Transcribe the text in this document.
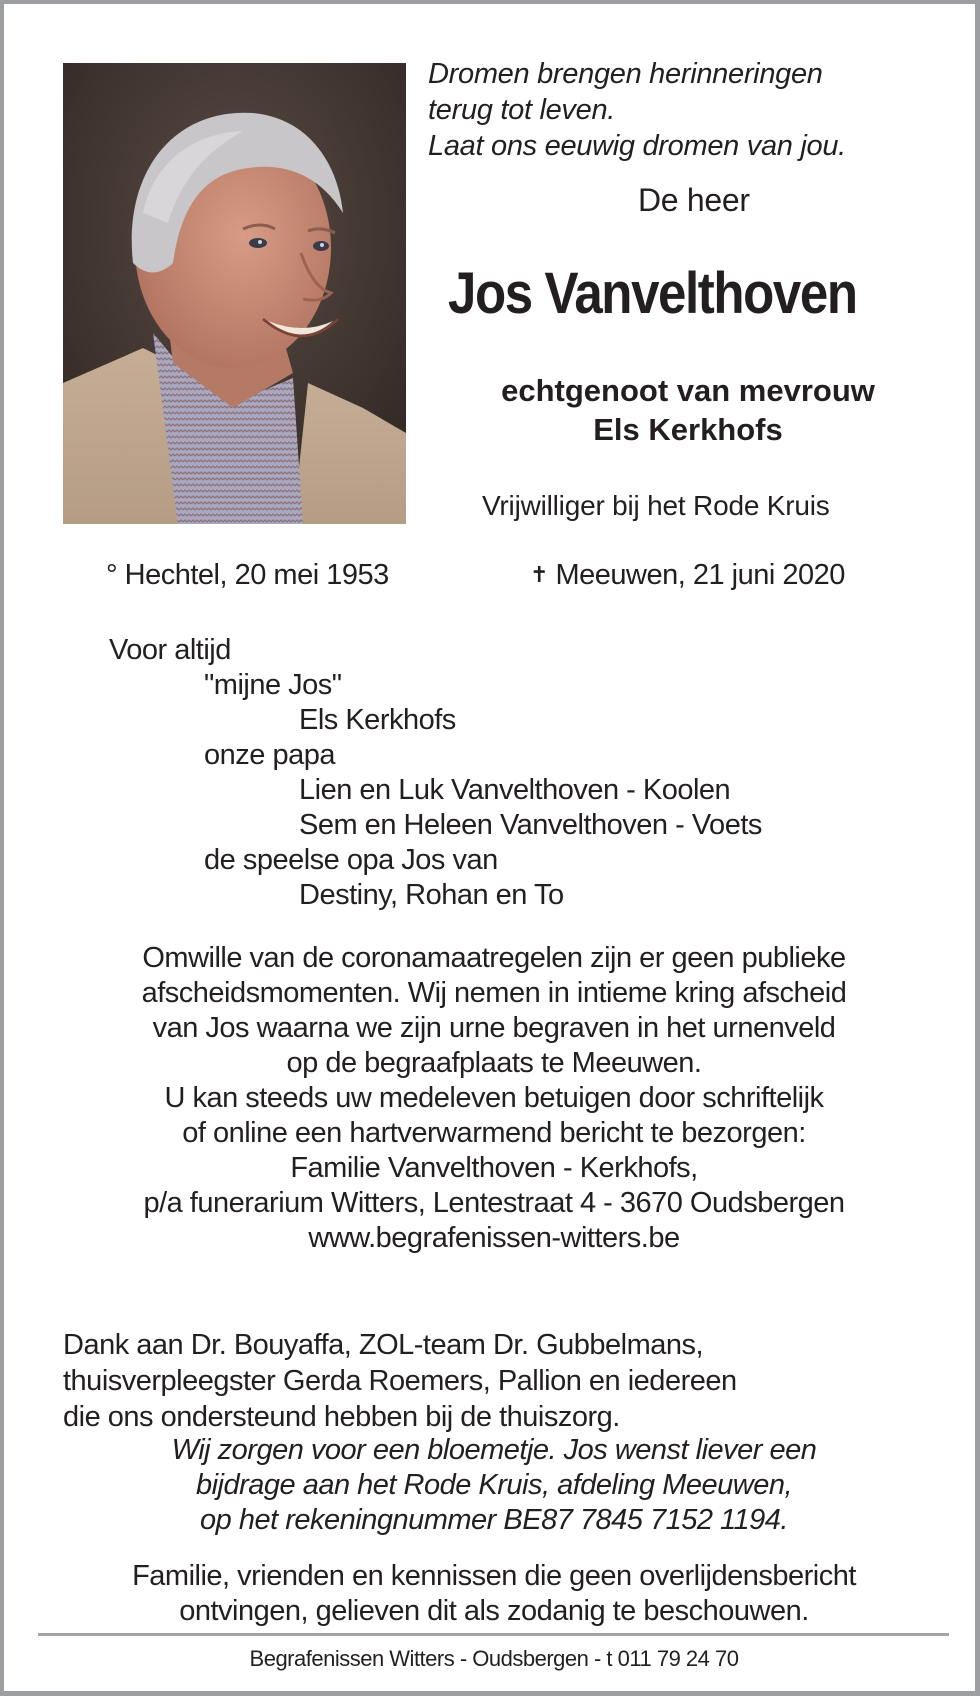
Dromen brengen herinneringen
terug tot leven.
Laat ons eeuwig dromen van jou.
De heer
Jos Vanvelthoven
echtgenoot van mevrouw
Els Kerkhofs
Vrijwilliger bij het Rode Kruis
° Hechtel, 20 mei 1953	✝ Meeuwen, 21 juni 2020
Voor altijd
"mijne Jos"
Els Kerkhofs
onze papa
Lien en Luk Vanvelthoven - Koolen
Sem en Heleen Vanvelthoven - Voets
de speelse opa Jos van
Destiny, Rohan en To
Omwille van de coronamaatregelen zijn er geen publieke
afscheidsmomenten. Wij nemen in intieme kring afscheid
van Jos waarna we zijn urne begraven in het urnenveld
op de begraafplaats te Meeuwen.
U kan steeds uw medeleven betuigen door schriftelijk
of online een hartverwarmend bericht te bezorgen:
Familie Vanvelthoven - Kerkhofs,
p/a funerarium Witters, Lentestraat 4 - 3670 Oudsbergen
www.begrafenissen-witters.be
Dank aan Dr. Bouyaffa, ZOL-team Dr. Gubbelmans,
thuisverpleegster Gerda Roemers, Pallion en iedereen
die ons ondersteund hebben bij de thuiszorg.
Wij zorgen voor een bloemetje. Jos wenst liever een
bijdrage aan het Rode Kruis, afdeling Meeuwen,
op het rekeningnummer BE87 7845 7152 1194.
Familie, vrienden en kennissen die geen overlijdensbericht
ontvingen, gelieven dit als zodanig te beschouwen.
Begrafenissen Witters - Oudsbergen - t 011 79 24 70
